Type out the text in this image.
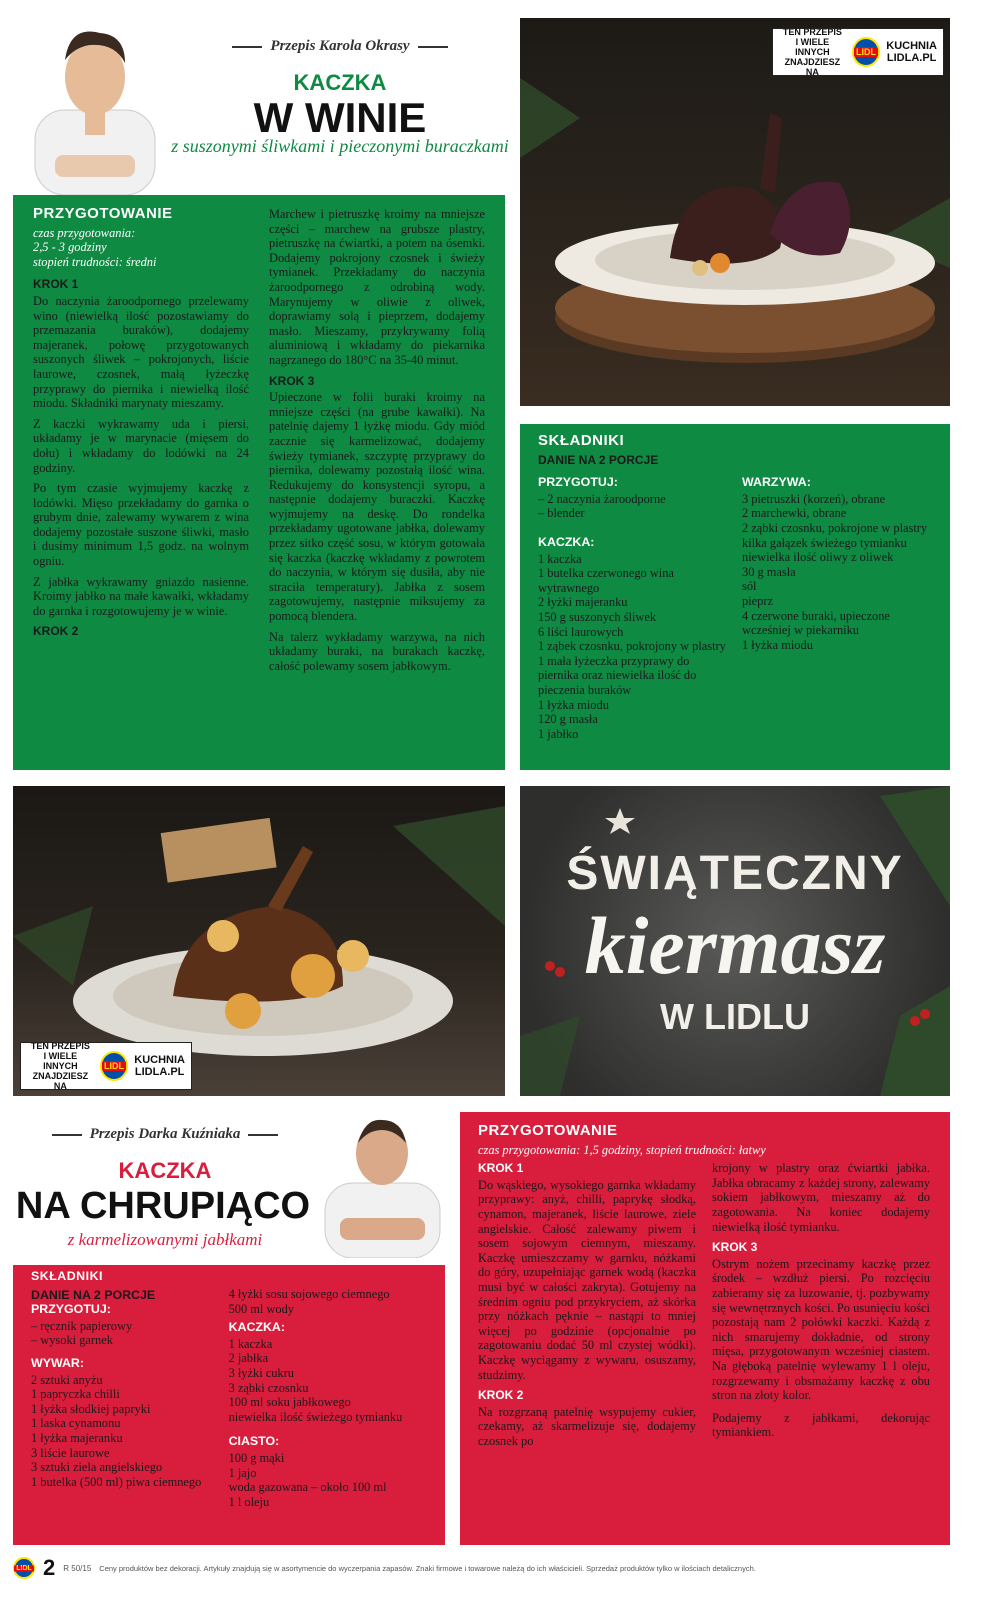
Przepis Karola Okrasy
KACZKA
W WINIE
z suszonymi śliwkami i pieczonymi buraczkami
PRZYGOTOWANIE
czas przygotowania:
2,5 - 3 godziny
stopień trudności: średni
KROK 1

Do naczynia żaroodpornego przelewamy wino (niewielką ilość pozostawiamy do przemazania buraków), dodajemy majeranek, połowę przygotowanych suszonych śliwek – pokrojonych, liście laurowe, czosnek, małą łyżeczkę przyprawy do piernika i niewielką ilość miodu. Składniki marynaty mieszamy.

Z kaczki wykrawamy uda i piersi, układamy je w marynacie (mięsem do dołu) i wkładamy do lodówki na 24 godziny.

Po tym czasie wyjmujemy kaczkę z lodówki. Mięso przekładamy do garnka o grubym dnie, zalewamy wywarem z wina dodajemy pozostałe suszone śliwki, masło i dusimy minimum 1,5 godz. na wolnym ogniu.

Z jabłka wykrawamy gniazdo nasienne. Kroimy jabłko na małe kawałki, wkładamy do garnka i rozgotowujemy je w winie.

KROK 2

Marchew i pietruszkę kroimy na mniejsze części – marchew na grubsze plastry, pietruszkę na ćwiartki, a potem na ósemki. Dodajemy pokrojony czosnek i świeży tymianek. Przekładamy do naczynia żaroodpornego z odrobiną wody. Marynujemy w oliwie z oliwek, doprawiamy solą i pieprzem, dodajemy masło. Mieszamy, przykrywamy folią aluminiową i wkładamy do piekarnika nagrzanego do 180°C na 35-40 minut.

KROK 3

Upieczone w folii buraki kroimy na mniejsze części (na grube kawałki). Na patelnię dajemy 1 łyżkę miodu. Gdy miód zacznie się karmelizować, dodajemy świeży tymianek, szczyptę przyprawy do piernika, dolewamy pozostałą ilość wina. Redukujemy do konsystencji syropu, a następnie dodajemy buraczki. Kaczkę wyjmujemy na deskę. Do rondelka przekładamy ugotowane jabłka, dolewamy przez sitko część sosu, w którym gotowała się kaczka (kaczkę wkładamy z powrotem do naczynia, w którym się dusiła, aby nie straciła temperatury). Jabłka z sosem zagotowujemy, następnie miksujemy za pomocą blendera.

Na talerz wykładamy warzywa, na nich układamy buraki, na burakach kaczkę, całość polewamy sosem jabłkowym.

TEN PRZEPIS
I WIELE INNYCH
ZNAJDZIESZ NA
LIDL KUCHNIA
LIDLA.PL
SKŁADNIKI
DANIE NA 2 PORCJE
PRZYGOTUJ:
– 2 naczynia żaroodporne
– blender
KACZKA:
1 kaczka
1 butelka czerwonego wina wytrawnego
2 łyżki majeranku
150 g suszonych śliwek
6 liści laurowych
1 ząbek czosnku, pokrojony w plastry
1 mała łyżeczka przyprawy do piernika oraz niewielka ilość do pieczenia buraków
1 łyżka miodu
120 g masła
1 jabłko
WARZYWA:
3 pietruszki (korzeń), obrane
2 marchewki, obrane
2 ząbki czosnku, pokrojone w plastry
kilka gałązek świeżego tymianku
niewielka ilość oliwy z oliwek
30 g masła
sól
pieprz
4 czerwone buraki, upieczone wcześniej w piekarniku
1 łyżka miodu
TEN PRZEPIS
I WIELE INNYCH
ZNAJDZIESZ NA
LIDL KUCHNIA
LIDLA.PL
ŚWIĄTECZNY
kiermasz
W LIDLU
Przepis Darka Kuźniaka
KACZKA
NA CHRUPIĄCO
z karmelizowanymi jabłkami
SKŁADNIKI
DANIE NA 2 PORCJE
PRZYGOTUJ:
– ręcznik papierowy
– wysoki garnek
WYWAR:
2 sztuki anyżu
1 papryczka chilli
1 łyżka słodkiej papryki
1 laska cynamonu
1 łyżka majeranku
3 liście laurowe
3 sztuki ziela angielskiego
1 butelka (500 ml) piwa ciemnego
4 łyżki sosu sojowego ciemnego
500 ml wody
KACZKA:
1 kaczka
2 jabłka
3 łyżki cukru
3 ząbki czosnku
100 ml soku jabłkowego
niewielka ilość świeżego tymianku
CIASTO:
100 g mąki
1 jajo
woda gazowana – około 100 ml
1 l oleju
PRZYGOTOWANIE
czas przygotowania: 1,5 godziny, stopień trudności: łatwy
KROK 1

Do wąskiego, wysokiego garnka wkładamy przyprawy: anyż, chilli, paprykę słodką, cynamon, majeranek, liście laurowe, ziele angielskie. Całość zalewamy piwem i sosem sojowym ciemnym, mieszamy. Kaczkę umieszczamy w garnku, nóżkami do góry, uzupełniając garnek wodą (kaczka musi być w całości zakryta). Gotujemy na średnim ogniu pod przykryciem, aż skórka przy nóżkach pęknie – nastąpi to mniej więcej po godzinie (opcjonalnie po zagotowaniu dodać 50 ml czystej wódki). Kaczkę wyciągamy z wywaru, osuszamy, studzimy.

KROK 2

Na rozgrzaną patelnię wsypujemy cukier, czekamy, aż skarmelizuje się, dodajemy czosnek po

krojony w plastry oraz ćwiartki jabłka. Jabłka obracamy z każdej strony, zalewamy sokiem jabłkowym, mieszamy aż do zagotowania. Na koniec dodajemy niewielką ilość tymianku.

KROK 3

Ostrym nożem przecinamy kaczkę przez środek – wzdłuż piersi. Po rozcięciu zabieramy się za luzowanie, tj. pozbywamy się wewnętrznych kości. Po usunięciu kości pozostają nam 2 połówki kaczki. Każdą z nich smarujemy dokładnie, od strony mięsa, przygotowanym wcześniej ciastem. Na głęboką patelnię wylewamy 1 l oleju, rozgrzewamy i obsmażamy kaczkę z obu stron na złoty kolor.

Podajemy z jabłkami, dekorując tymiankiem.

LIDL 2 R 50/15 Ceny produktów bez dekoracji. Artykuły znajdują się w asortymencie do wyczerpania zapasów. Znaki firmowe i towarowe należą do ich właścicieli. Sprzedaż produktów tylko w ilościach detalicznych.
